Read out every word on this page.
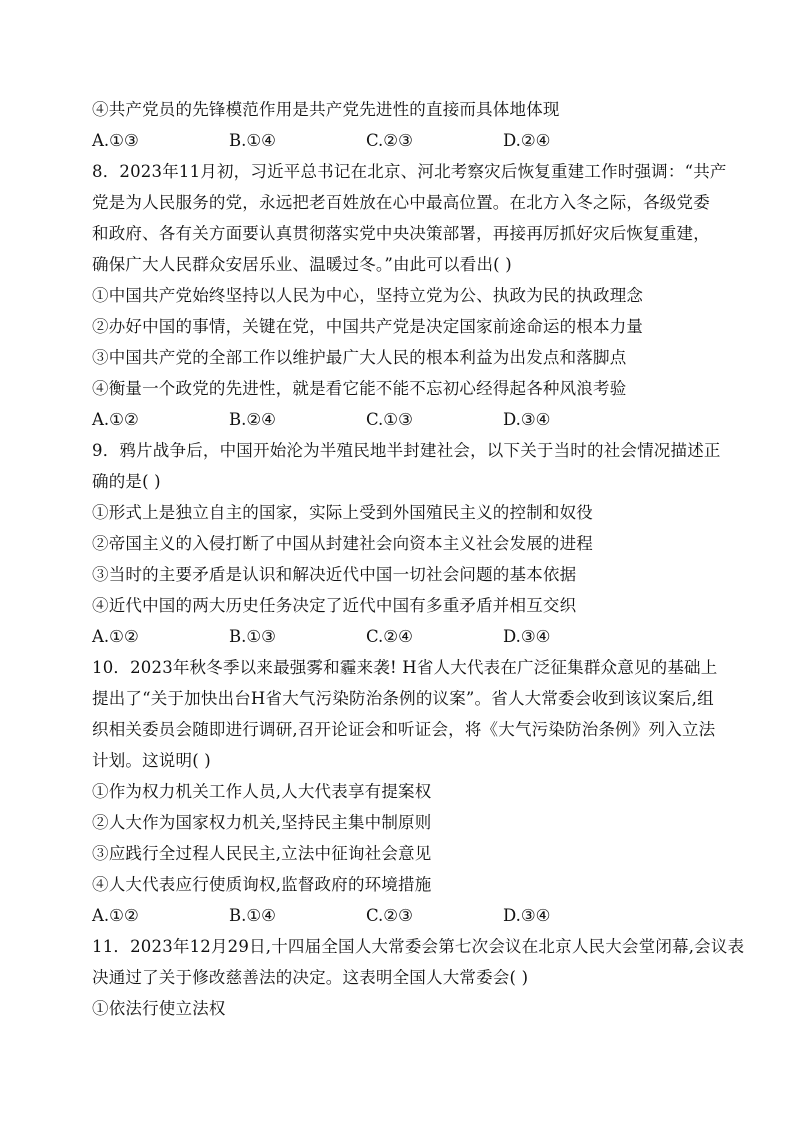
④共产党员的先锋模范作用是共产党先进性的直接而具体地体现
A.①③	B.①④	C.②③	D.②④
8．2023年11月初，习近平总书记在北京、河北考察灾后恢复重建工作时强调：“共产
党是为人民服务的党，永远把老百姓放在心中最高位置。在北方入冬之际，各级党委
和政府、各有关方面要认真贯彻落实党中央决策部署，再接再厉抓好灾后恢复重建，
确保广大人民群众安居乐业、温暖过冬。”由此可以看出( )
①中国共产党始终坚持以人民为中心，坚持立党为公、执政为民的执政理念
②办好中国的事情，关键在党，中国共产党是决定国家前途命运的根本力量
③中国共产党的全部工作以维护最广大人民的根本利益为出发点和落脚点
④衡量一个政党的先进性，就是看它能不能不忘初心经得起各种风浪考验
A.①②	B.②④	C.①③	D.③④
9．鸦片战争后，中国开始沦为半殖民地半封建社会，以下关于当时的社会情况描述正
确的是( )
①形式上是独立自主的国家，实际上受到外国殖民主义的控制和奴役
②帝国主义的入侵打断了中国从封建社会向资本主义社会发展的进程
③当时的主要矛盾是认识和解决近代中国一切社会问题的基本依据
④近代中国的两大历史任务决定了近代中国有多重矛盾并相互交织
A.①②	B.①③	C.②④	D.③④
10．2023年秋冬季以来最强雾和霾来袭! H省人大代表在广泛征集群众意见的基础上
提出了“关于加快出台H省大气污染防治条例的议案”。省人大常委会收到该议案后,组
织相关委员会随即进行调研,召开论证会和听证会，将《大气污染防治条例》列入立法
计划。这说明( )
①作为权力机关工作人员,人大代表享有提案权
②人大作为国家权力机关,坚持民主集中制原则
③应践行全过程人民民主,立法中征询社会意见
④人大代表应行使质询权,监督政府的环境措施
A.①②	B.①④	C.②③	D.③④
11．2023年12月29日,十四届全国人大常委会第七次会议在北京人民大会堂闭幕,会议表
决通过了关于修改慈善法的决定。这表明全国人大常委会( )
①依法行使立法权
